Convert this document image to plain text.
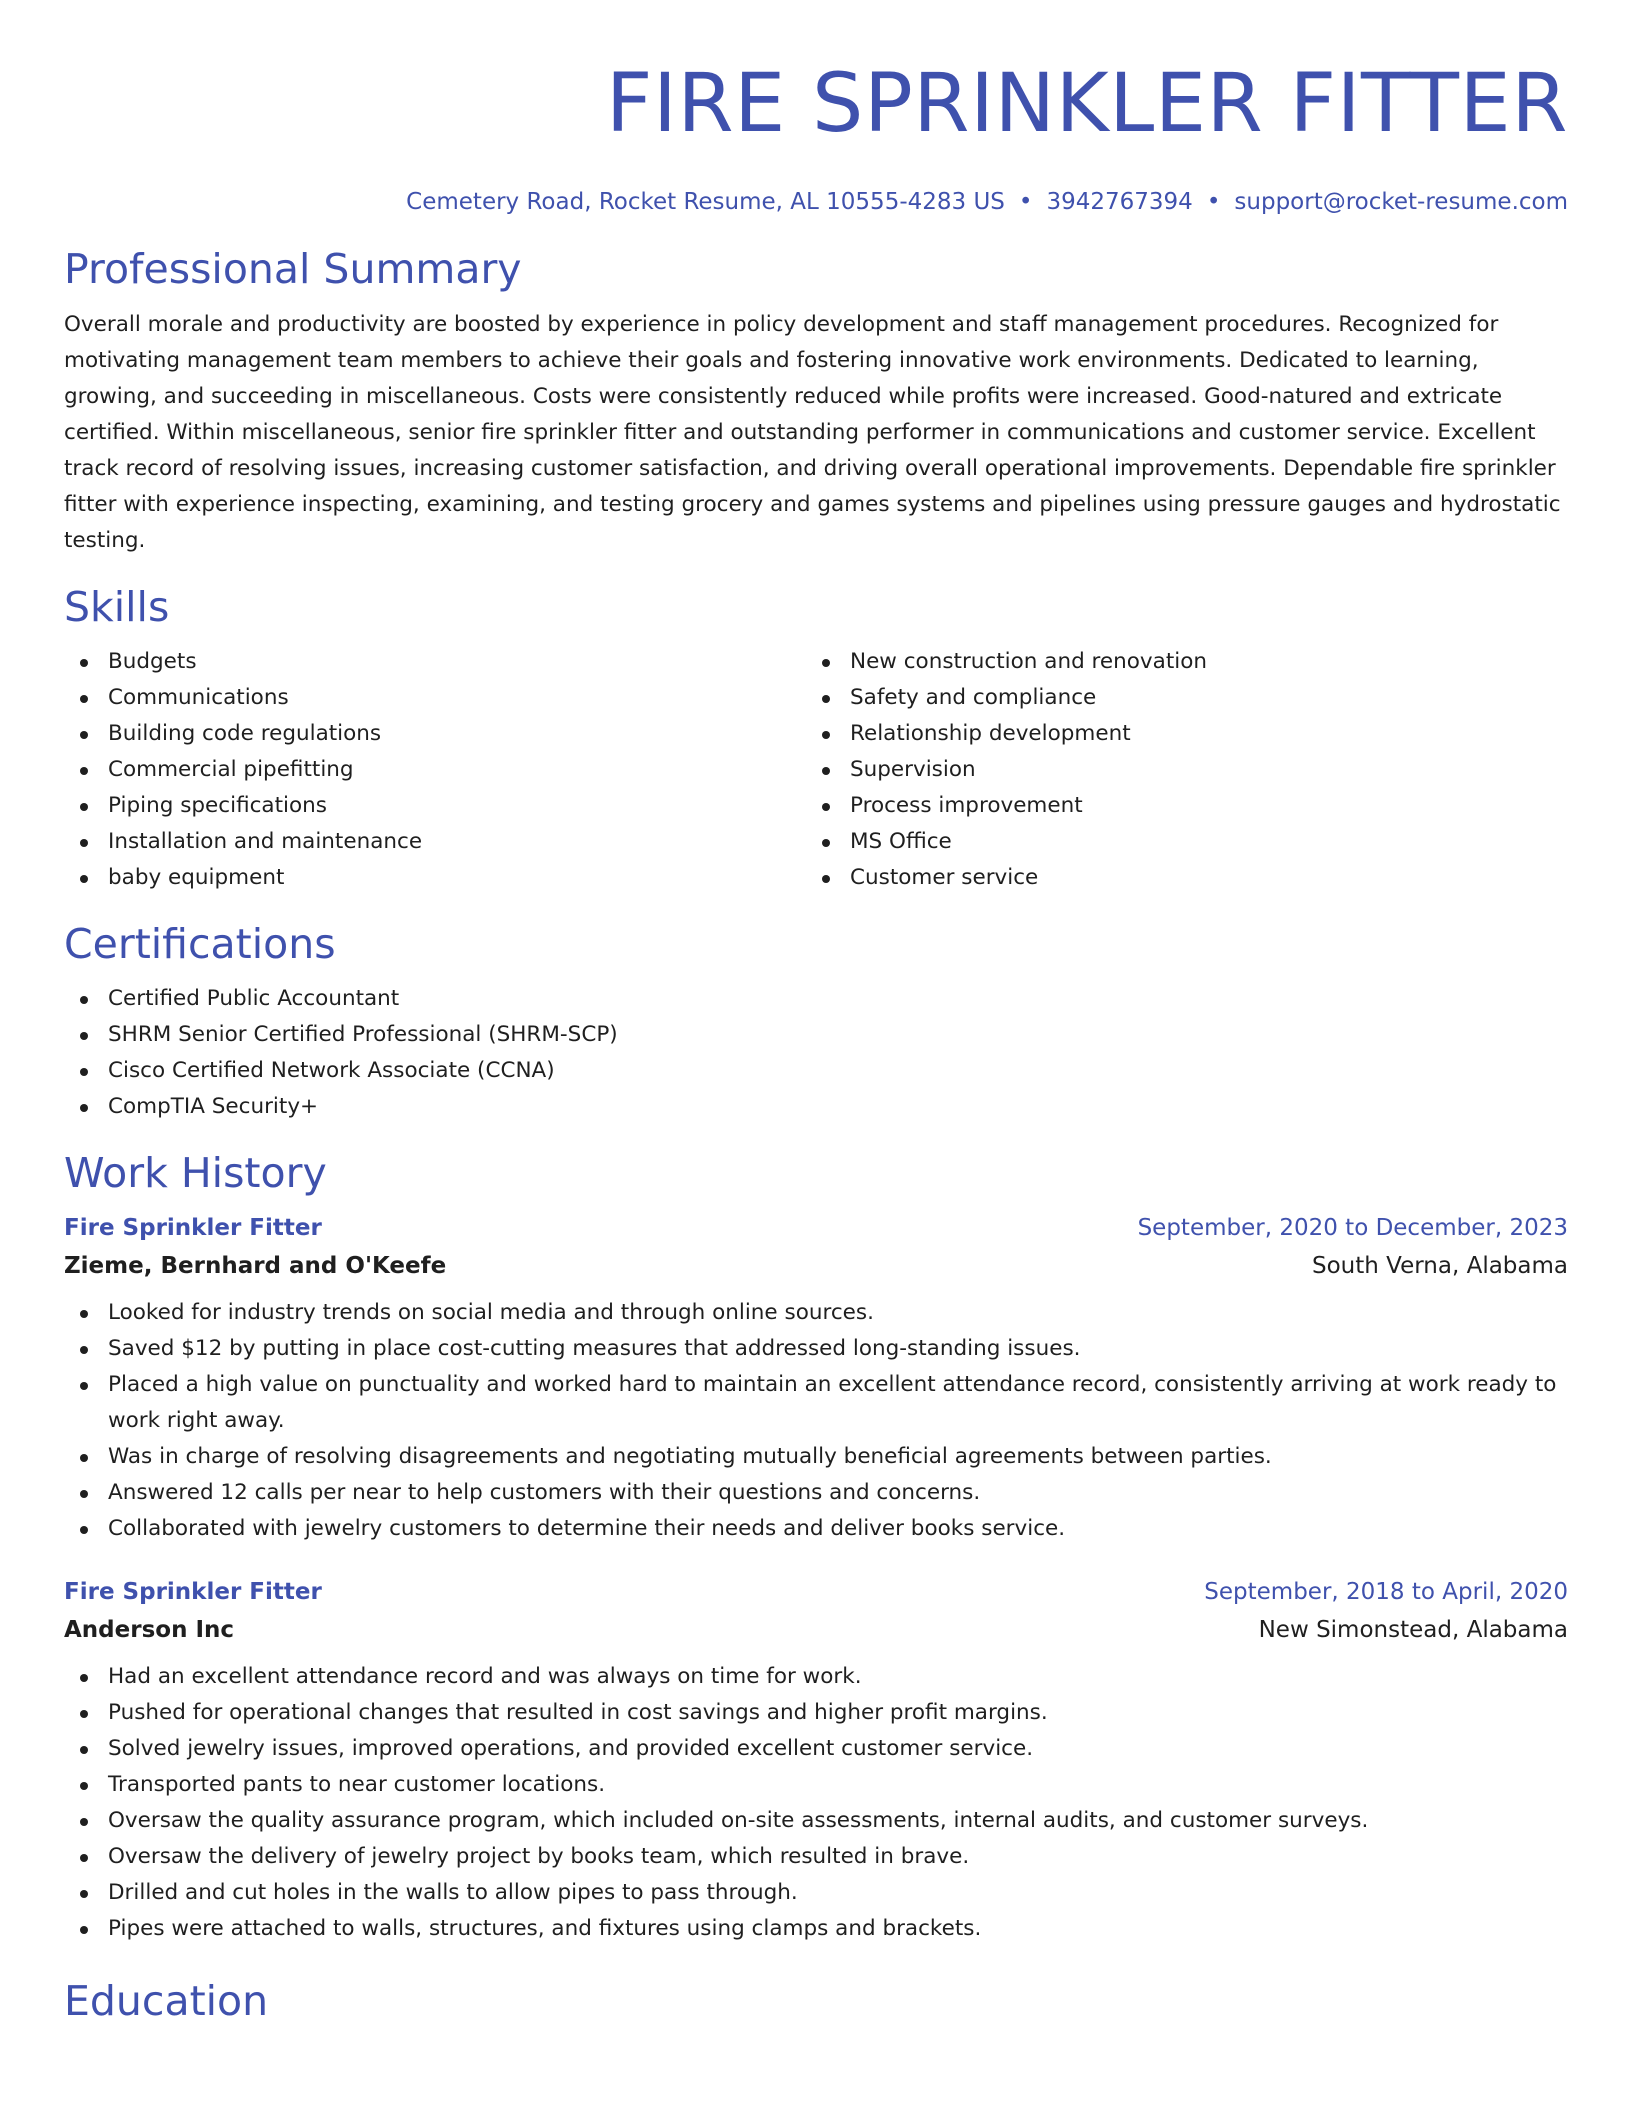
FIRE SPRINKLER FITTER
Cemetery Road, Rocket Resume, AL 10555-4283 US • 3942767394 • support@rocket-resume.com
Professional Summary

Overall morale and productivity are boosted by experience in policy development and staff management procedures. Recognized for motivating management team members to achieve their goals and fostering innovative work environments. Dedicated to learning, growing, and succeeding in miscellaneous. Costs were consistently reduced while profits were increased. Good-natured and extricate certified. Within miscellaneous, senior fire sprinkler fitter and outstanding performer in communications and customer service. Excellent track record of resolving issues, increasing customer satisfaction, and driving overall operational improvements. Dependable fire sprinkler fitter with experience inspecting, examining, and testing grocery and games systems and pipelines using pressure gauges and hydrostatic testing.

Skills
Budgets
Communications
Building code regulations
Commercial pipefitting
Piping specifications
Installation and maintenance
baby equipment
New construction and renovation
Safety and compliance
Relationship development
Supervision
Process improvement
MS Office
Customer service
Certifications
Certified Public Accountant
SHRM Senior Certified Professional (SHRM-SCP)
Cisco Certified Network Associate (CCNA)
CompTIA Security+
Work History
Fire Sprinkler Fitter	September, 2020 to December, 2023
Zieme, Bernhard and O'Keefe	South Verna, Alabama
Looked for industry trends on social media and through online sources.
Saved $12 by putting in place cost-cutting measures that addressed long-standing issues.
Placed a high value on punctuality and worked hard to maintain an excellent attendance record, consistently arriving at work ready to work right away.
Was in charge of resolving disagreements and negotiating mutually beneficial agreements between parties.
Answered 12 calls per near to help customers with their questions and concerns.
Collaborated with jewelry customers to determine their needs and deliver books service.
Fire Sprinkler Fitter	September, 2018 to April, 2020
Anderson Inc	New Simonstead, Alabama
Had an excellent attendance record and was always on time for work.
Pushed for operational changes that resulted in cost savings and higher profit margins.
Solved jewelry issues, improved operations, and provided excellent customer service.
Transported pants to near customer locations.
Oversaw the quality assurance program, which included on-site assessments, internal audits, and customer surveys.
Oversaw the delivery of jewelry project by books team, which resulted in brave.
Drilled and cut holes in the walls to allow pipes to pass through.
Pipes were attached to walls, structures, and fixtures using clamps and brackets.
Education
